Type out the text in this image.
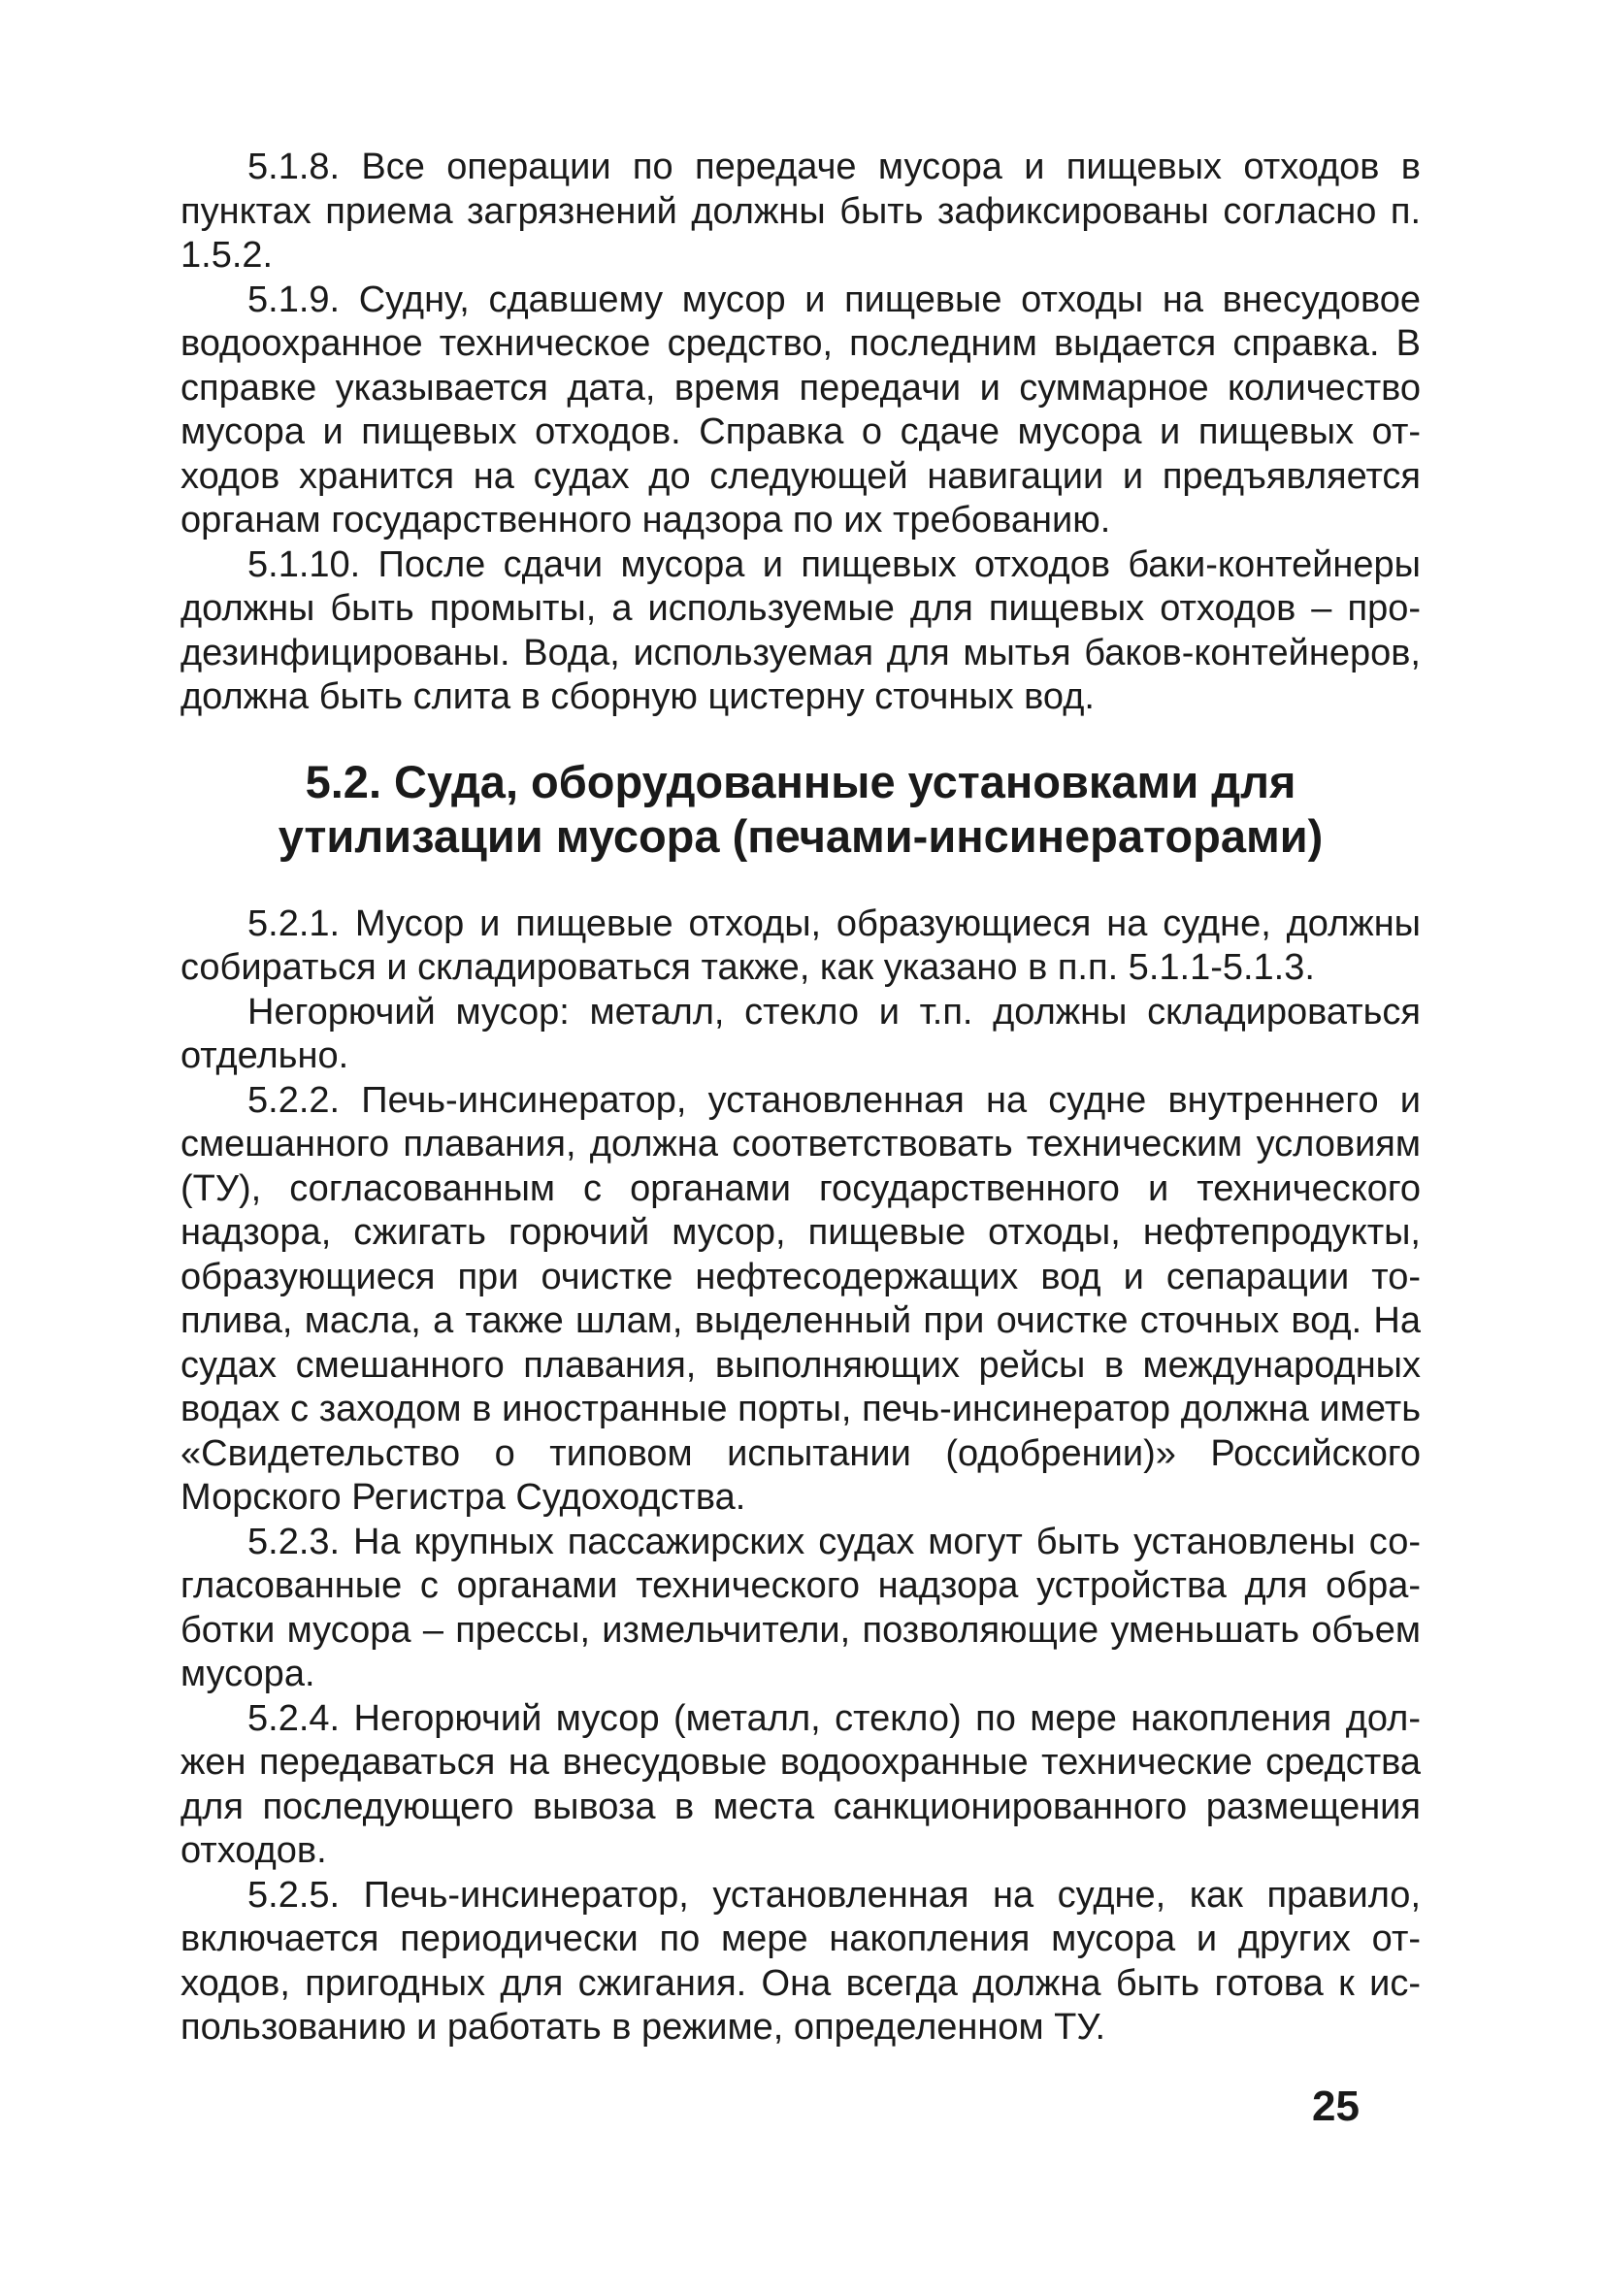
5.1.8. Все операции по передаче мусора и пищевых отходов в пунктах приема загрязнений должны быть зафиксированы согласно п. 1.5.2.

5.1.9. Судну, сдавшему мусор и пищевые отходы на внесудовое водоохранное техническое средство, последним выдается справка. В справке указывается дата, время передачи и суммарное количество мусора и пищевых отходов. Справка о сдаче мусора и пищевых отходов хранится на судах до следующей навигации и предъявляется органам государственного надзора по их требованию.

5.1.10. После сдачи мусора и пищевых отходов баки-контейнеры должны быть промыты, а используемые для пищевых отходов – продезинфицированы. Вода, используемая для мытья баков-контейнеров, должна быть слита в сборную цистерну сточных вод.

5.2. Суда, оборудованные установками для утилизации мусора (печами-инсинераторами)

5.2.1. Мусор и пищевые отходы, образующиеся на судне, должны собираться и складироваться также, как указано в п.п. 5.1.1-5.1.3.

Негорючий мусор: металл, стекло и т.п. должны складироваться отдельно.

5.2.2. Печь-инсинератор, установленная на судне внутреннего и смешанного плавания, должна соответствовать техническим условиям (ТУ), согласованным с органами государственного и технического надзора, сжигать горючий мусор, пищевые отходы, нефтепродукты, образующиеся при очистке нефтесодержащих вод и сепарации топлива, масла, а также шлам, выделенный при очистке сточных вод. На судах смешанного плавания, выполняющих рейсы в международных водах с заходом в иностранные порты, печь-инсинератор должна иметь «Свидетельство о типовом испытании (одобрении)» Российского Морского Регистра Судоходства.

5.2.3. На крупных пассажирских судах могут быть установлены согласованные с органами технического надзора устройства для обработки мусора – прессы, измельчители, позволяющие уменьшать объем мусора.

5.2.4. Негорючий мусор (металл, стекло) по мере накопления должен передаваться на внесудовые водоохранные технические средства для последующего вывоза в места санкционированного размещения отходов.

5.2.5. Печь-инсинератор, установленная на судне, как правило, включается периодически по мере накопления мусора и других отходов, пригодных для сжигания. Она всегда должна быть готова к использованию и работать в режиме, определенном ТУ.

25
